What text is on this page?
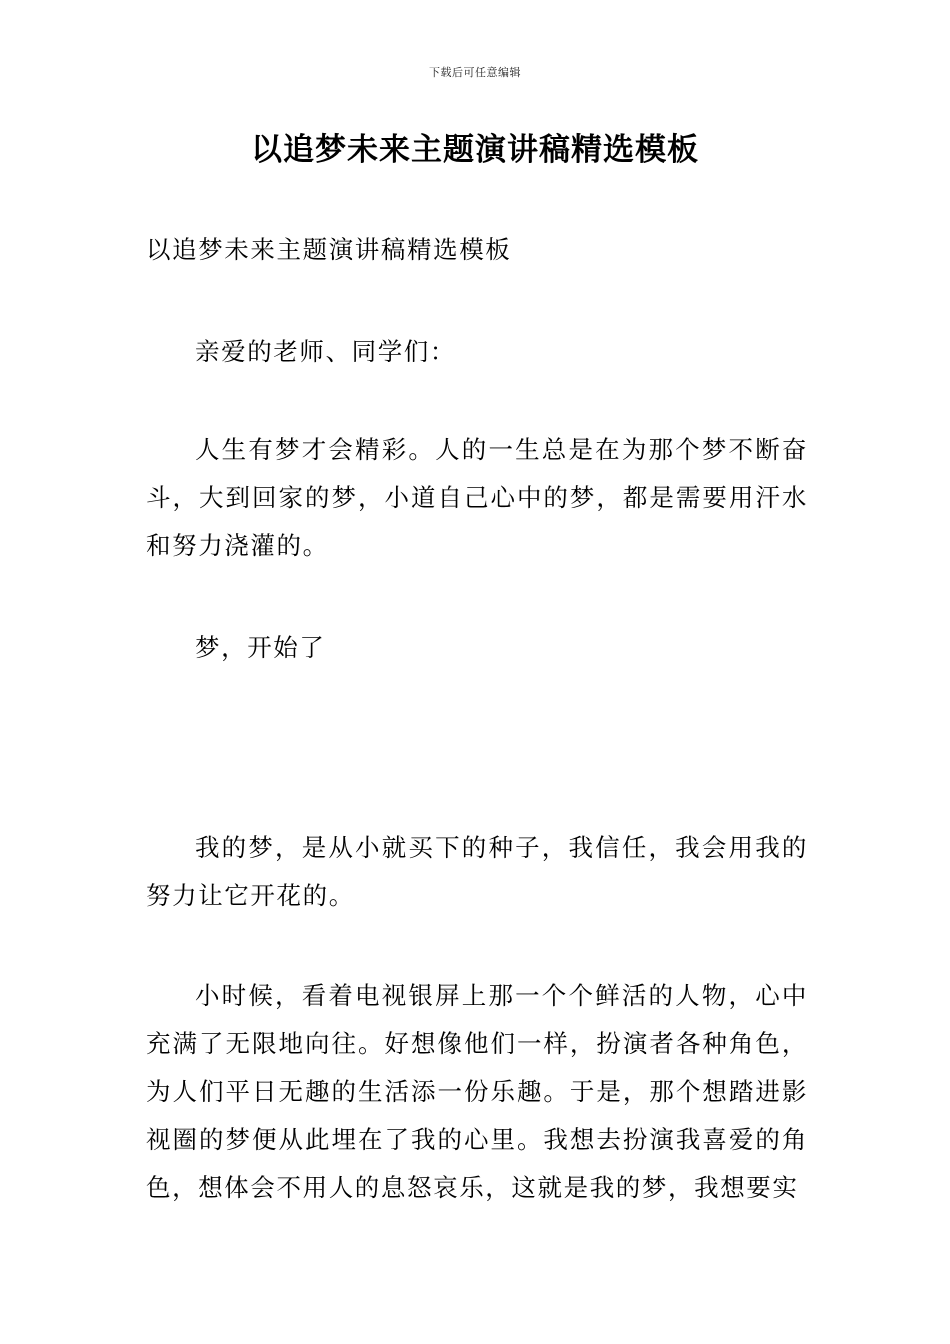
下载后可任意编辑
以追梦未来主题演讲稿精选模板

以追梦未来主题演讲稿精选模板

亲爱的老师、同学们：

人生有梦才会精彩。人的一生总是在为那个梦不断奋斗，大到回家的梦，小道自己心中的梦，都是需要用汗水和努力浇灌的。

梦，开始了

我的梦，是从小就买下的种子，我信任，我会用我的努力让它开花的。

小时候，看着电视银屏上那一个个鲜活的人物，心中充满了无限地向往。好想像他们一样，扮演者各种角色，为人们平日无趣的生活添一份乐趣。于是，那个想踏进影视圈的梦便从此埋在了我的心里。我想去扮演我喜爱的角色，想体会不用人的息怒哀乐，这就是我的梦，我想要实
